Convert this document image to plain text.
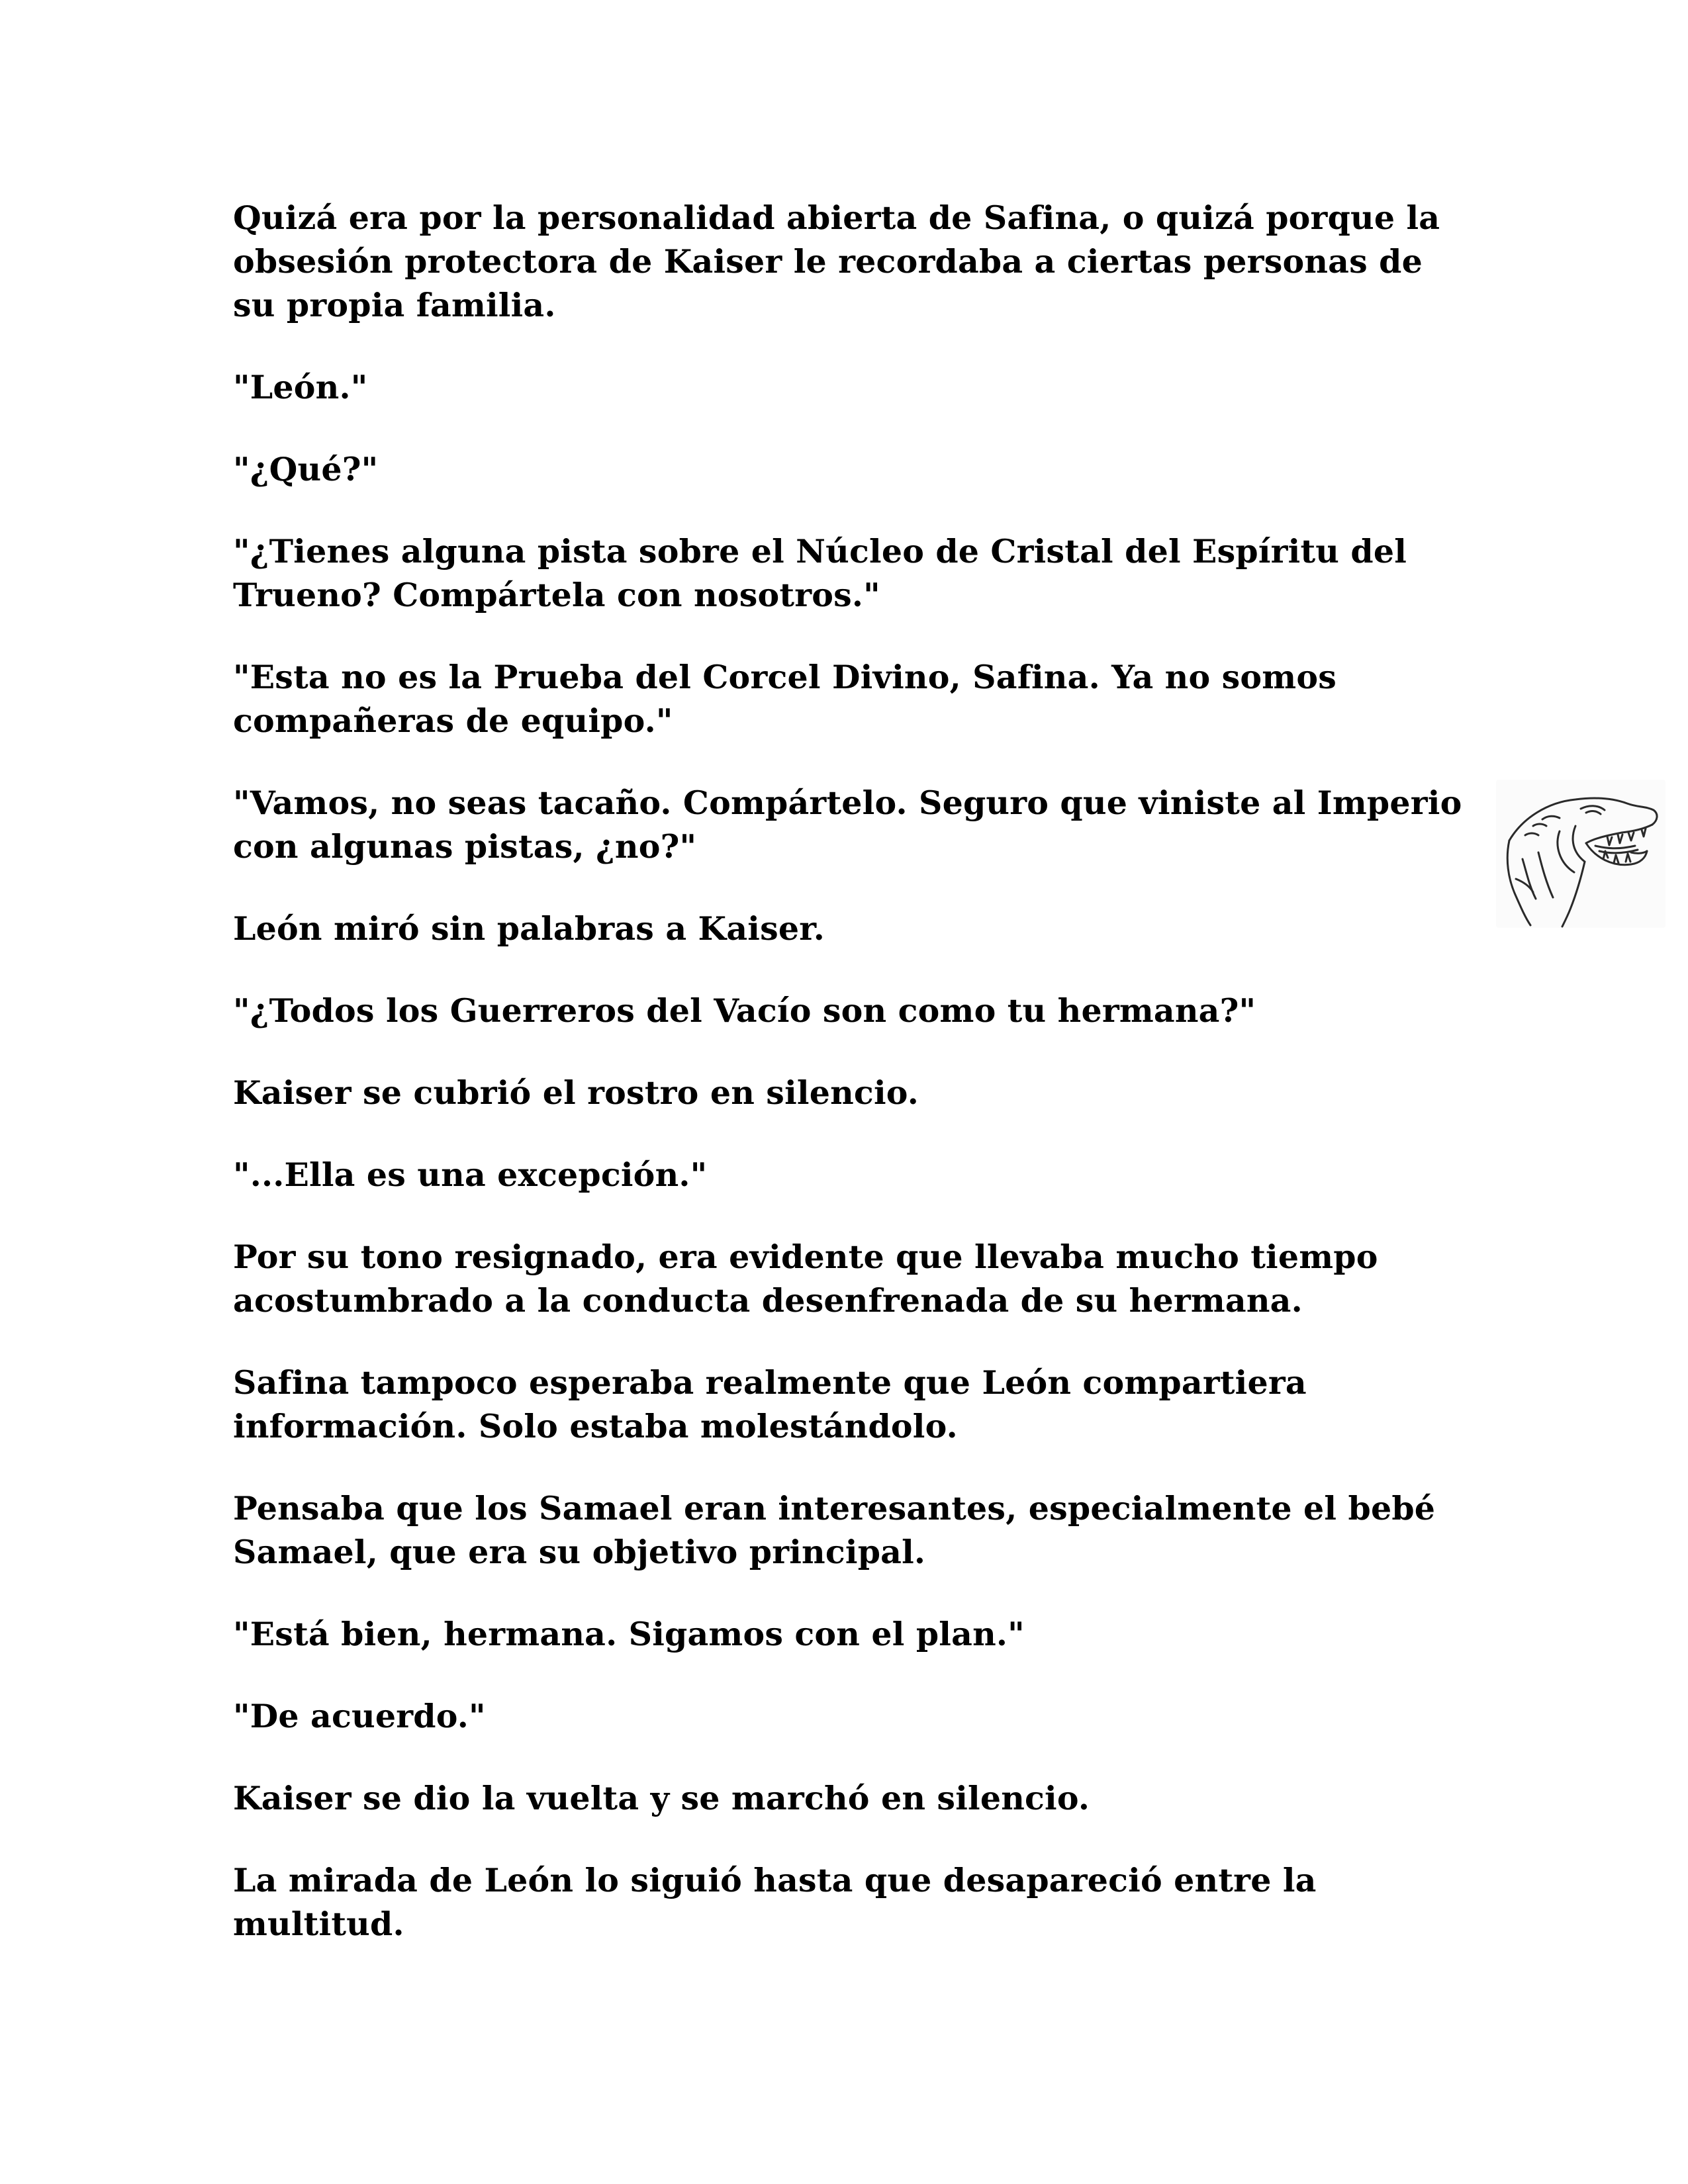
Quizá era por la personalidad abierta de Safina, o quizá porque la obsesión protectora de Kaiser le recordaba a ciertas personas de su propia familia.

"León."

"¿Qué?"

"¿Tienes alguna pista sobre el Núcleo de Cristal del Espíritu del Trueno? Compártela con nosotros."

"Esta no es la Prueba del Corcel Divino, Safina. Ya no somos compañeras de equipo."

"Vamos, no seas tacaño. Compártelo. Seguro que viniste al Imperio con algunas pistas, ¿no?"

León miró sin palabras a Kaiser.

"¿Todos los Guerreros del Vacío son como tu hermana?"

Kaiser se cubrió el rostro en silencio.

"...Ella es una excepción."

Por su tono resignado, era evidente que llevaba mucho tiempo acostumbrado a la conducta desenfrenada de su hermana.

Safina tampoco esperaba realmente que León compartiera información. Solo estaba molestándolo.

Pensaba que los Samael eran interesantes, especialmente el bebé Samael, que era su objetivo principal.

"Está bien, hermana. Sigamos con el plan."

"De acuerdo."

Kaiser se dio la vuelta y se marchó en silencio.

La mirada de León lo siguió hasta que desapareció entre la multitud.
